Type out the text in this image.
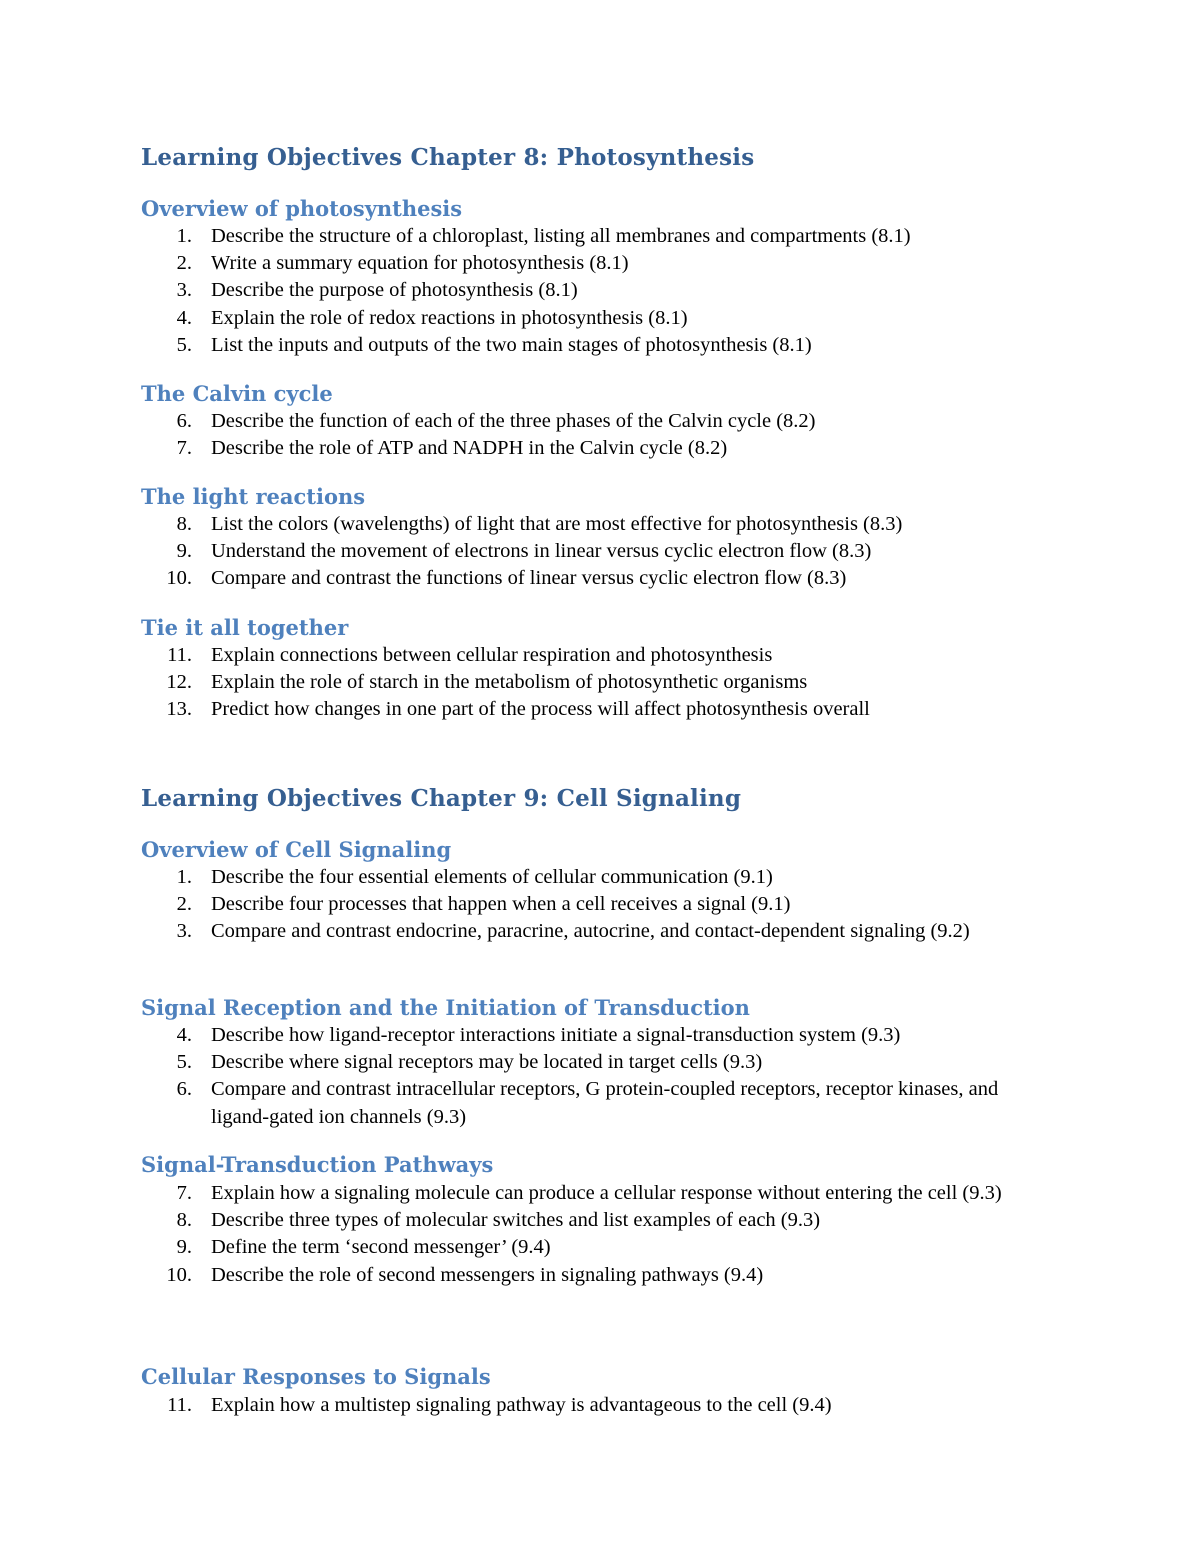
Learning Objectives Chapter 8: Photosynthesis
Overview of photosynthesis
1. Describe the structure of a chloroplast, listing all membranes and compartments (8.1)
2. Write a summary equation for photosynthesis (8.1)
3. Describe the purpose of photosynthesis (8.1)
4. Explain the role of redox reactions in photosynthesis (8.1)
5. List the inputs and outputs of the two main stages of photosynthesis (8.1)
The Calvin cycle
6. Describe the function of each of the three phases of the Calvin cycle (8.2)
7. Describe the role of ATP and NADPH in the Calvin cycle (8.2)
The light reactions
8. List the colors (wavelengths) of light that are most effective for photosynthesis (8.3)
9. Understand the movement of electrons in linear versus cyclic electron flow (8.3)
10. Compare and contrast the functions of linear versus cyclic electron flow (8.3)
Tie it all together
11. Explain connections between cellular respiration and photosynthesis
12. Explain the role of starch in the metabolism of photosynthetic organisms
13. Predict how changes in one part of the process will affect photosynthesis overall
Learning Objectives Chapter 9: Cell Signaling
Overview of Cell Signaling
1. Describe the four essential elements of cellular communication (9.1)
2. Describe four processes that happen when a cell receives a signal (9.1)
3. Compare and contrast endocrine, paracrine, autocrine, and contact-dependent signaling (9.2)
Signal Reception and the Initiation of Transduction
4. Describe how ligand-receptor interactions initiate a signal-transduction system (9.3)
5. Describe where signal receptors may be located in target cells (9.3)
6. Compare and contrast intracellular receptors, G protein-coupled receptors, receptor kinases, and ligand-gated ion channels (9.3)
Signal-Transduction Pathways
7. Explain how a signaling molecule can produce a cellular response without entering the cell (9.3)
8. Describe three types of molecular switches and list examples of each (9.3)
9. Define the term ‘second messenger’ (9.4)
10. Describe the role of second messengers in signaling pathways (9.4)
Cellular Responses to Signals
11. Explain how a multistep signaling pathway is advantageous to the cell (9.4)
